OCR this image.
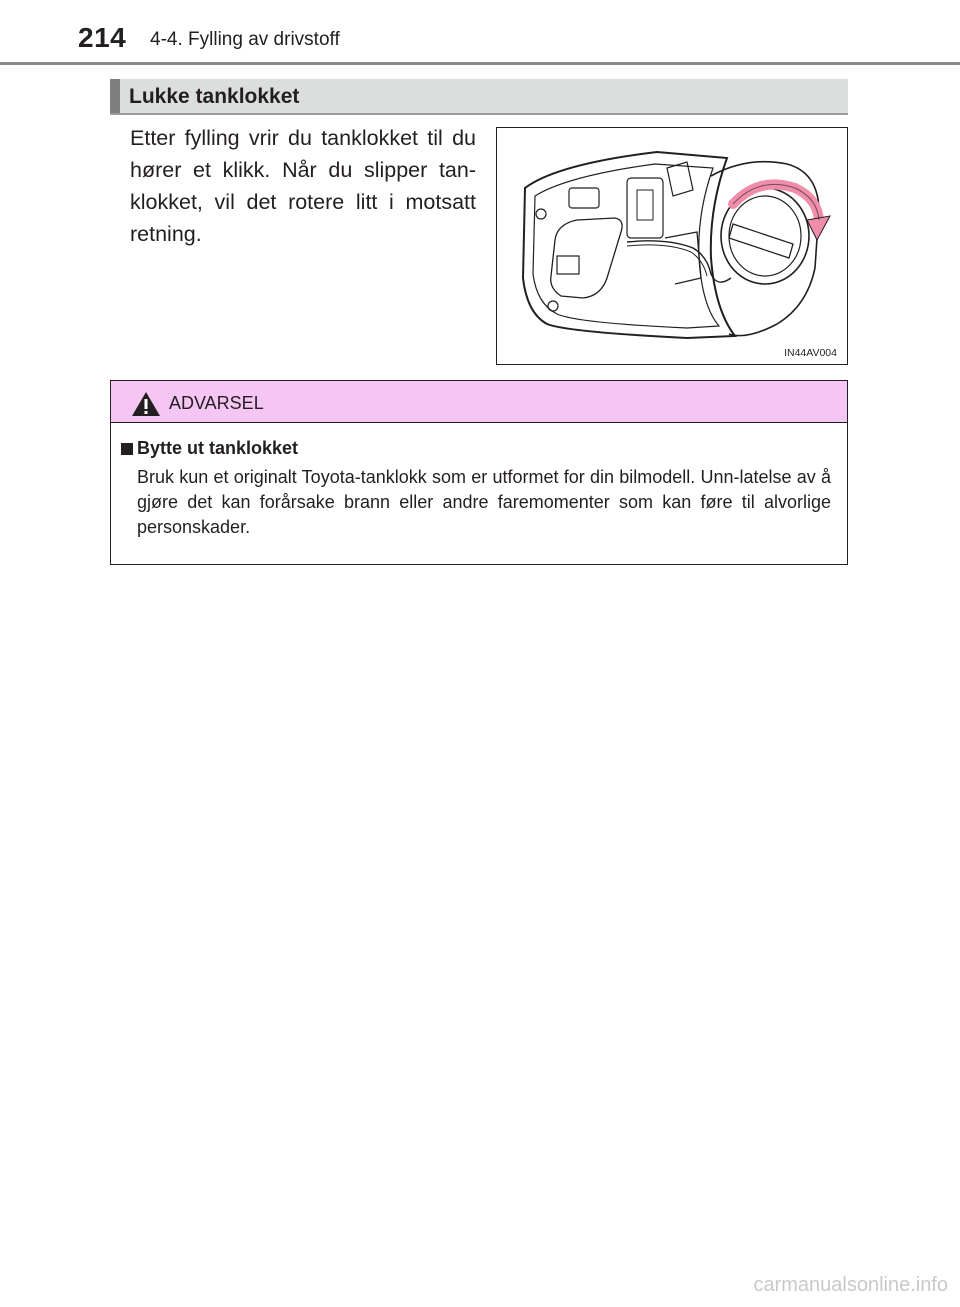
214 4-4. Fylling av drivstoff
Lukke tanklokket
Etter fylling vrir du tanklokket til du hører et klikk. Når du slipper tan-klokket, vil det rotere litt i motsatt retning.
IN44AV004
ADVARSEL
Bytte ut tanklokket
Bruk kun et originalt Toyota-tanklokk som er utformet for din bilmodell. Unn-latelse av å gjøre det kan forårsake brann eller andre faremomenter som kan føre til alvorlige personskader.
carmanualsonline.info
